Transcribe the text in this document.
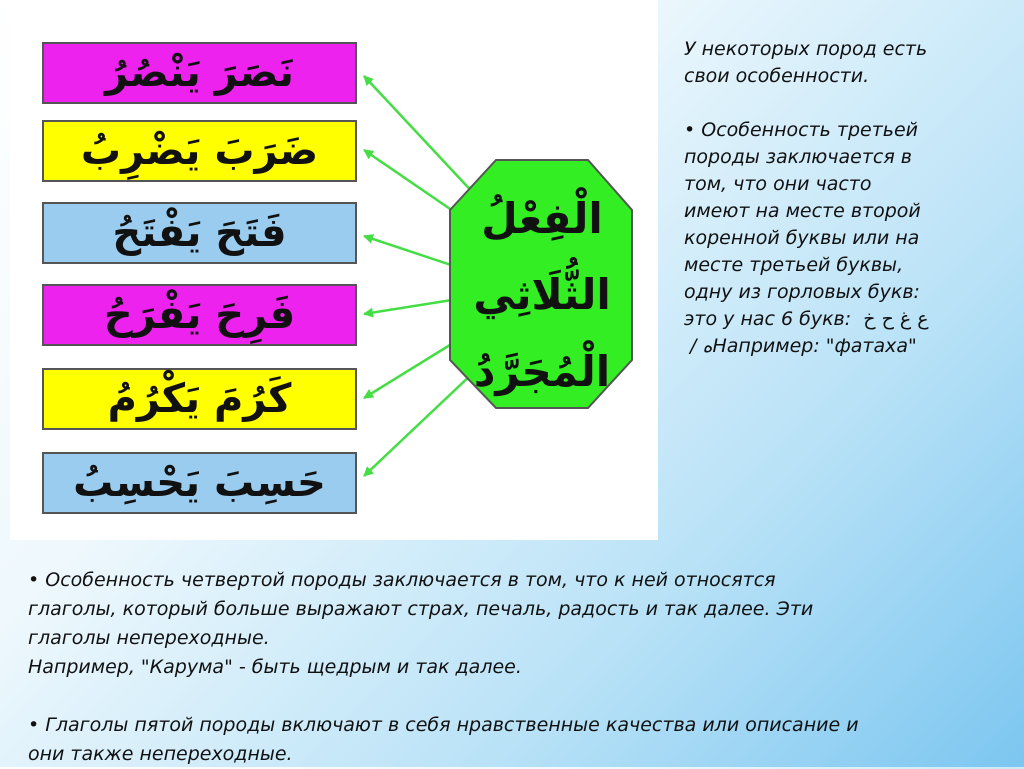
نَصَرَ يَنْصُرُ
ضَرَبَ يَضْرِبُ
فَتَحَ يَفْتَحُ
فَرِحَ يَفْرَحُ
كَرُمَ يَكْرُمُ
حَسِبَ يَحْسِبُ
الْفِعْلُ
الثُّلَاثِي
الْمُجَرَّدُ

У некоторых пород есть

свои особенности.

• Особенность третьей

породы заключается в

том, что они часто

имеют на месте второй

коренной буквы или на

месте третьей буквы,

одну из горловых букв:

это у нас 6 букв: ع غ ح خ

/ هНапример: "фатаха"

• Особенность четвертой породы заключается в том, что к ней относятся

глаголы, который больше выражают страх, печаль, радость и так далее. Эти

глаголы непереходные.

Например, "Карума" - быть щедрым и так далее.

• Глаголы пятой породы включают в себя нравственные качества или описание и

они также непереходные.
